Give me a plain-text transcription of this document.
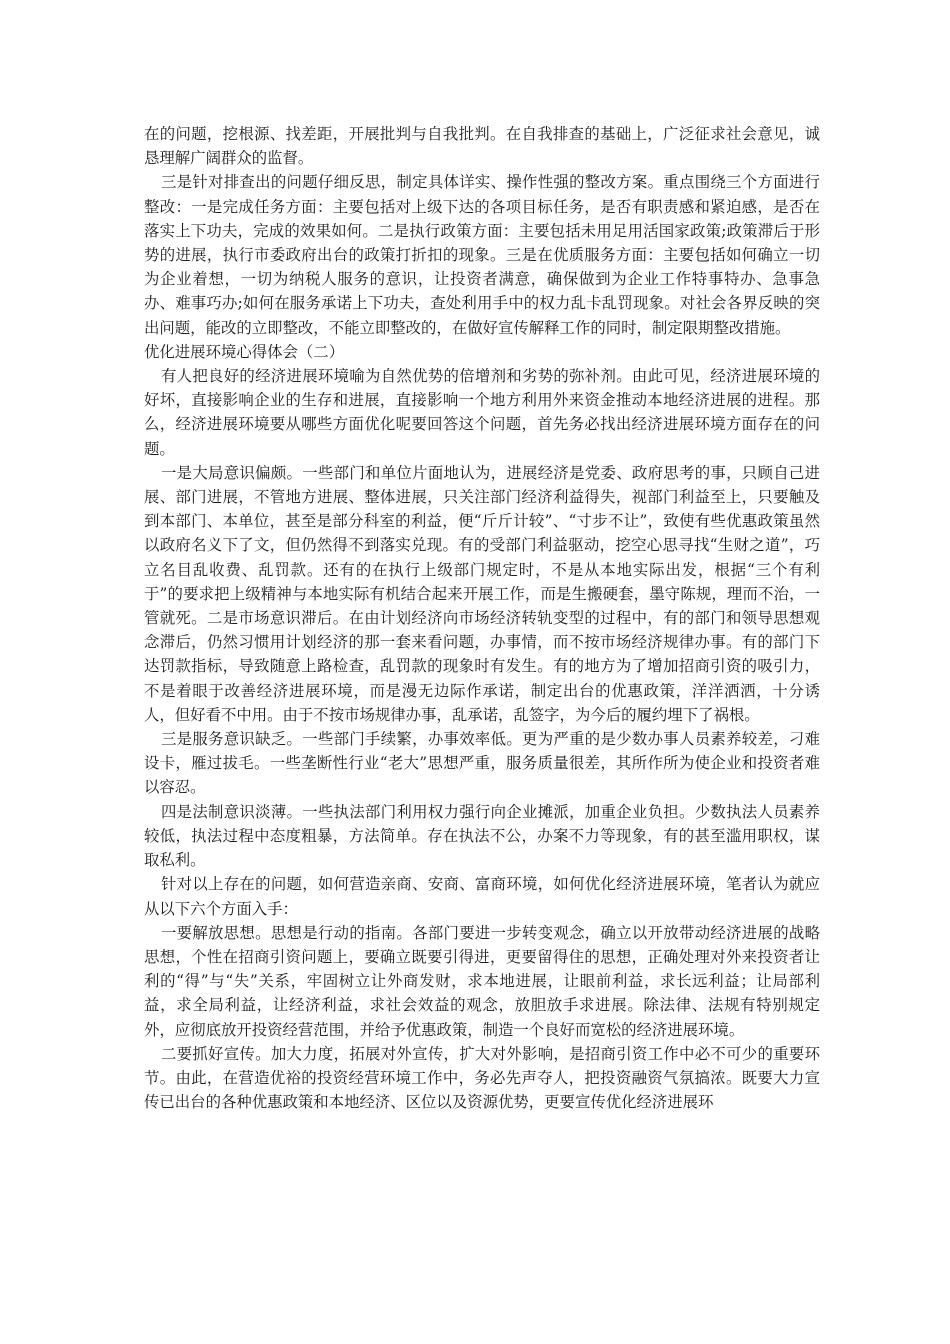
在的问题，挖根源、找差距，开展批判与自我批判。在自我排查的基础上，广泛征求社会意见，诚恳理解广阔群众的监督。

三是针对排查出的问题仔细反思，制定具体详实、操作性强的整改方案。重点围绕三个方面进行整改：一是完成任务方面：主要包括对上级下达的各项目标任务，是否有职责感和紧迫感，是否在落实上下功夫，完成的效果如何。二是执行政策方面：主要包括未用足用活国家政策;政策滞后于形势的进展，执行市委政府出台的政策打折扣的现象。三是在优质服务方面：主要包括如何确立一切为企业着想，一切为纳税人服务的意识，让投资者满意，确保做到为企业工作特事特办、急事急办、难事巧办;如何在服务承诺上下功夫，查处利用手中的权力乱卡乱罚现象。对社会各界反映的突出问题，能改的立即整改，不能立即整改的，在做好宣传解释工作的同时，制定限期整改措施。

优化进展环境心得体会（二）

有人把良好的经济进展环境喻为自然优势的倍增剂和劣势的弥补剂。由此可见，经济进展环境的好坏，直接影响企业的生存和进展，直接影响一个地方利用外来资金推动本地经济进展的进程。那么，经济进展环境要从哪些方面优化呢要回答这个问题，首先务必找出经济进展环境方面存在的问题。

一是大局意识偏颇。一些部门和单位片面地认为，进展经济是党委、政府思考的事，只顾自己进展、部门进展，不管地方进展、整体进展，只关注部门经济利益得失，视部门利益至上，只要触及到本部门、本单位，甚至是部分科室的利益，便“斤斤计较”、“寸步不让”，致使有些优惠政策虽然以政府名义下了文，但仍然得不到落实兑现。有的受部门利益驱动，挖空心思寻找“生财之道”，巧立名目乱收费、乱罚款。还有的在执行上级部门规定时，不是从本地实际出发，根据“三个有利于”的要求把上级精神与本地实际有机结合起来开展工作，而是生搬硬套，墨守陈规，理而不治，一管就死。二是市场意识滞后。在由计划经济向市场经济转轨变型的过程中，有的部门和领导思想观念滞后，仍然习惯用计划经济的那一套来看问题，办事情，而不按市场经济规律办事。有的部门下达罚款指标，导致随意上路检查，乱罚款的现象时有发生。有的地方为了增加招商引资的吸引力，不是着眼于改善经济进展环境，而是漫无边际作承诺，制定出台的优惠政策，洋洋洒洒，十分诱人，但好看不中用。由于不按市场规律办事，乱承诺，乱签字，为今后的履约埋下了祸根。

三是服务意识缺乏。一些部门手续繁，办事效率低。更为严重的是少数办事人员素养较差，刁难设卡，雁过拔毛。一些垄断性行业“老大”思想严重，服务质量很差，其所作所为使企业和投资者难以容忍。

四是法制意识淡薄。一些执法部门利用权力强行向企业摊派，加重企业负担。少数执法人员素养较低，执法过程中态度粗暴，方法简单。存在执法不公，办案不力等现象，有的甚至滥用职权，谋取私利。

针对以上存在的问题，如何营造亲商、安商、富商环境，如何优化经济进展环境，笔者认为就应从以下六个方面入手：

一要解放思想。思想是行动的指南。各部门要进一步转变观念，确立以开放带动经济进展的战略思想，个性在招商引资问题上，要确立既要引得进，更要留得住的思想，正确处理对外来投资者让利的“得”与“失”关系，牢固树立让外商发财，求本地进展，让眼前利益，求长远利益；让局部利益，求全局利益，让经济利益，求社会效益的观念，放胆放手求进展。除法律、法规有特别规定外，应彻底放开投资经营范围，并给予优惠政策，制造一个良好而宽松的经济进展环境。

二要抓好宣传。加大力度，拓展对外宣传，扩大对外影响，是招商引资工作中必不可少的重要环节。由此，在营造优裕的投资经营环境工作中，务必先声夺人，把投资融资气氛搞浓。既要大力宣传已出台的各种优惠政策和本地经济、区位以及资源优势，更要宣传优化经济进展环
